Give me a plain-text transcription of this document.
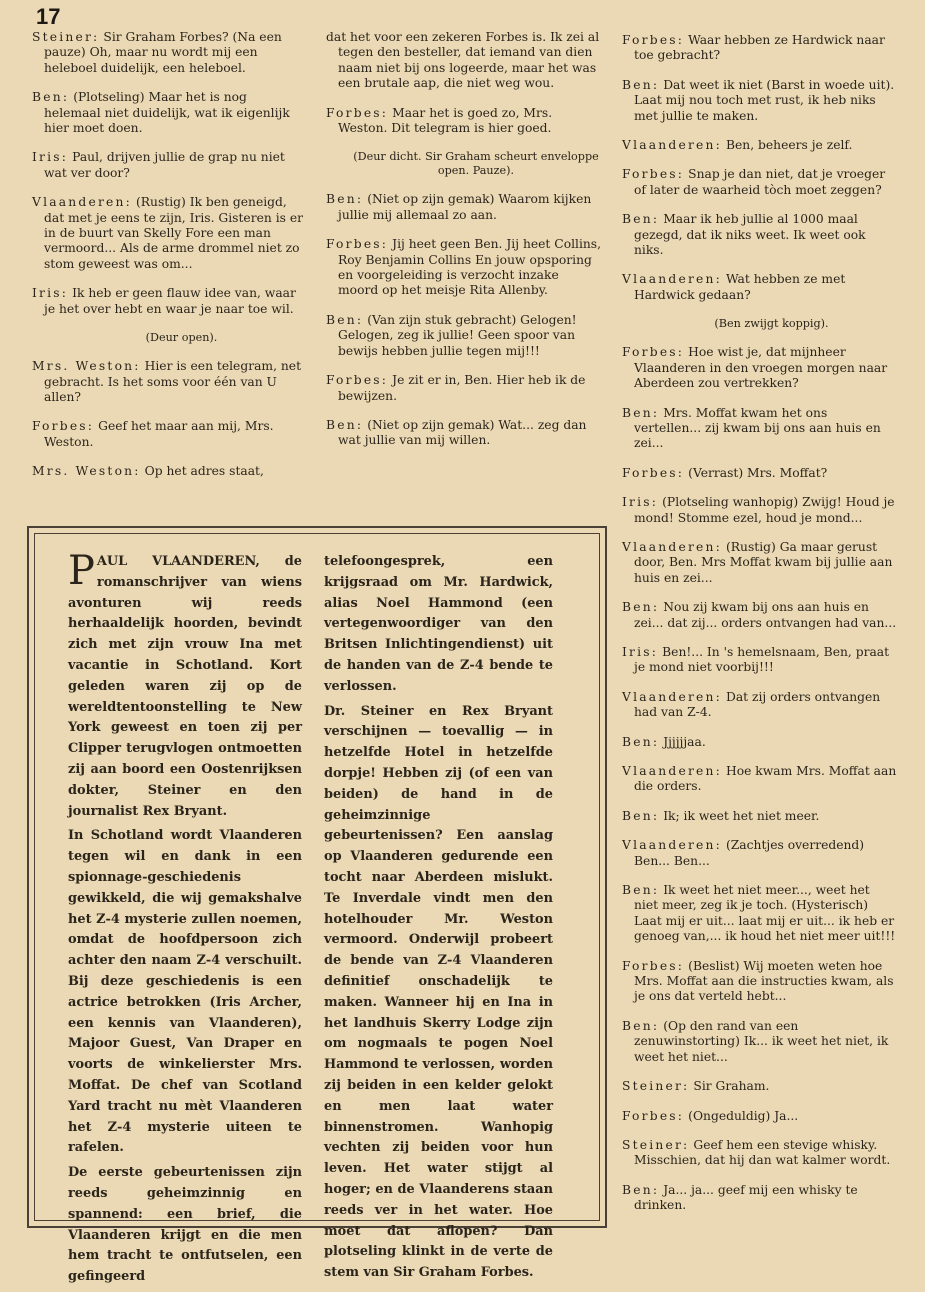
17
Steiner: Sir Graham Forbes? (Na een pauze) Oh, maar nu wordt mij een heleboel duidelijk, een heleboel.
Ben: (Plotseling) Maar het is nog helemaal niet duidelijk, wat ik eigenlijk hier moet doen.
Iris: Paul, drijven jullie de grap nu niet wat ver door?
Vlaanderen: (Rustig) Ik ben geneigd, dat met je eens te zijn, Iris. Gisteren is er in de buurt van Skelly Fore een man vermoord... Als de arme drommel niet zo stom geweest was om...
Iris: Ik heb er geen flauw idee van, waar je het over hebt en waar je naar toe wil.
(Deur open).
Mrs. Weston: Hier is een telegram, net gebracht. Is het soms voor één van U allen?
Forbes: Geef het maar aan mij, Mrs. Weston.
Mrs. Weston: Op het adres staat,
dat het voor een zekeren Forbes is. Ik zei al tegen den besteller, dat iemand van dien naam niet bij ons logeerde, maar het was een brutale aap, die niet weg wou.
Forbes: Maar het is goed zo, Mrs. Weston. Dit telegram is hier goed.
(Deur dicht. Sir Graham scheurt enveloppe open. Pauze).
Ben: (Niet op zijn gemak) Waarom kijken jullie mij allemaal zo aan.
Forbes: Jij heet geen Ben. Jij heet Collins, Roy Benjamin Collins En jouw opsporing en voorgeleiding is verzocht inzake moord op het meisje Rita Allenby.
Ben: (Van zijn stuk gebracht) Gelogen! Gelogen, zeg ik jullie! Geen spoor van bewijs hebben jullie tegen mij!!!
Forbes: Je zit er in, Ben. Hier heb ik de bewijzen.
Ben: (Niet op zijn gemak) Wat... zeg dan wat jullie van mij willen.
Forbes: Waar hebben ze Hardwick naar toe gebracht?
Ben: Dat weet ik niet (Barst in woede uit). Laat mij nou toch met rust, ik heb niks met jullie te maken.
Vlaanderen: Ben, beheers je zelf.
Forbes: Snap je dan niet, dat je vroeger of later de waarheid tòch moet zeggen?
Ben: Maar ik heb jullie al 1000 maal gezegd, dat ik niks weet. Ik weet ook niks.
Vlaanderen: Wat hebben ze met Hardwick gedaan?
(Ben zwijgt koppig).
Forbes: Hoe wist je, dat mijnheer Vlaanderen in den vroegen morgen naar Aberdeen zou vertrekken?
Ben: Mrs. Moffat kwam het ons vertellen... zij kwam bij ons aan huis en zei...
Forbes: (Verrast) Mrs. Moffat?
Iris: (Plotseling wanhopig) Zwijg! Houd je mond! Stomme ezel, houd je mond...
Vlaanderen: (Rustig) Ga maar gerust door, Ben. Mrs Moffat kwam bij jullie aan huis en zei...
Ben: Nou zij kwam bij ons aan huis en zei... dat zij... orders ontvangen had van...
Iris: Ben!... In 's hemelsnaam, Ben, praat je mond niet voorbij!!!
Vlaanderen: Dat zij orders ontvangen had van Z-4.
Ben: Jjjjjjaa.
Vlaanderen: Hoe kwam Mrs. Moffat aan die orders.
Ben: Ik; ik weet het niet meer.
Vlaanderen: (Zachtjes overredend) Ben... Ben...
Ben: Ik weet het niet meer..., weet het niet meer, zeg ik je toch. (Hysterisch) Laat mij er uit... laat mij er uit... ik heb er genoeg van,... ik houd het niet meer uit!!!
Forbes: (Beslist) Wij moeten weten hoe Mrs. Moffat aan die instructies kwam, als je ons dat verteld hebt...
Ben: (Op den rand van een zenuwinstorting) Ik... ik weet het niet, ik weet het niet...
Steiner: Sir Graham.
Forbes: (Ongeduldig) Ja...
Steiner: Geef hem een stevige whisky. Misschien, dat hij dan wat kalmer wordt.
Ben: Ja... ja... geef mij een whisky te drinken.

PAUL VLAANDEREN, de romanschrijver van wiens avonturen wij reeds herhaaldelijk hoorden, bevindt zich met zijn vrouw Ina met vacantie in Schotland. Kort geleden waren zij op de wereldtentoonstelling te New York geweest en toen zij per Clipper terugvlogen ontmoetten zij aan boord een Oostenrijksen dokter, Steiner en den journalist Rex Bryant.

In Schotland wordt Vlaanderen tegen wil en dank in een spionnage-geschiedenis gewikkeld, die wij gemakshalve het Z-4 mysterie zullen noemen, omdat de hoofdpersoon zich achter den naam Z-4 verschuilt. Bij deze geschiedenis is een actrice betrokken (Iris Archer, een kennis van Vlaanderen), Majoor Guest, Van Draper en voorts de winkelierster Mrs. Moffat. De chef van Scotland Yard tracht nu mèt Vlaanderen het Z-4 mysterie uiteen te rafelen.

De eerste gebeurtenissen zijn reeds geheimzinnig en spannend: een brief, die Vlaanderen krijgt en die men hem tracht te ontfutselen, een gefingeerd

telefoongesprek, een krijgsraad om Mr. Hardwick, alias Noel Hammond (een vertegenwoordiger van den Britsen Inlichtingendienst) uit de handen van de Z-4 bende te verlossen.

Dr. Steiner en Rex Bryant verschijnen — toevallig — in hetzelfde Hotel in hetzelfde dorpje! Hebben zij (of een van beiden) de hand in de geheimzinnige gebeurtenissen? Een aanslag op Vlaanderen gedurende een tocht naar Aberdeen mislukt. Te Inverdale vindt men den hotelhouder Mr. Weston vermoord. Onderwijl probeert de bende van Z-4 Vlaanderen definitief onschadelijk te maken. Wanneer hij en Ina in het landhuis Skerry Lodge zijn om nogmaals te pogen Noel Hammond te verlossen, worden zij beiden in een kelder gelokt en men laat water binnenstromen. Wanhopig vechten zij beiden voor hun leven. Het water stijgt al hoger; en de Vlaanderens staan reeds ver in het water. Hoe moet dat aflopen? Dan plotseling klinkt in de verte de stem van Sir Graham Forbes.
